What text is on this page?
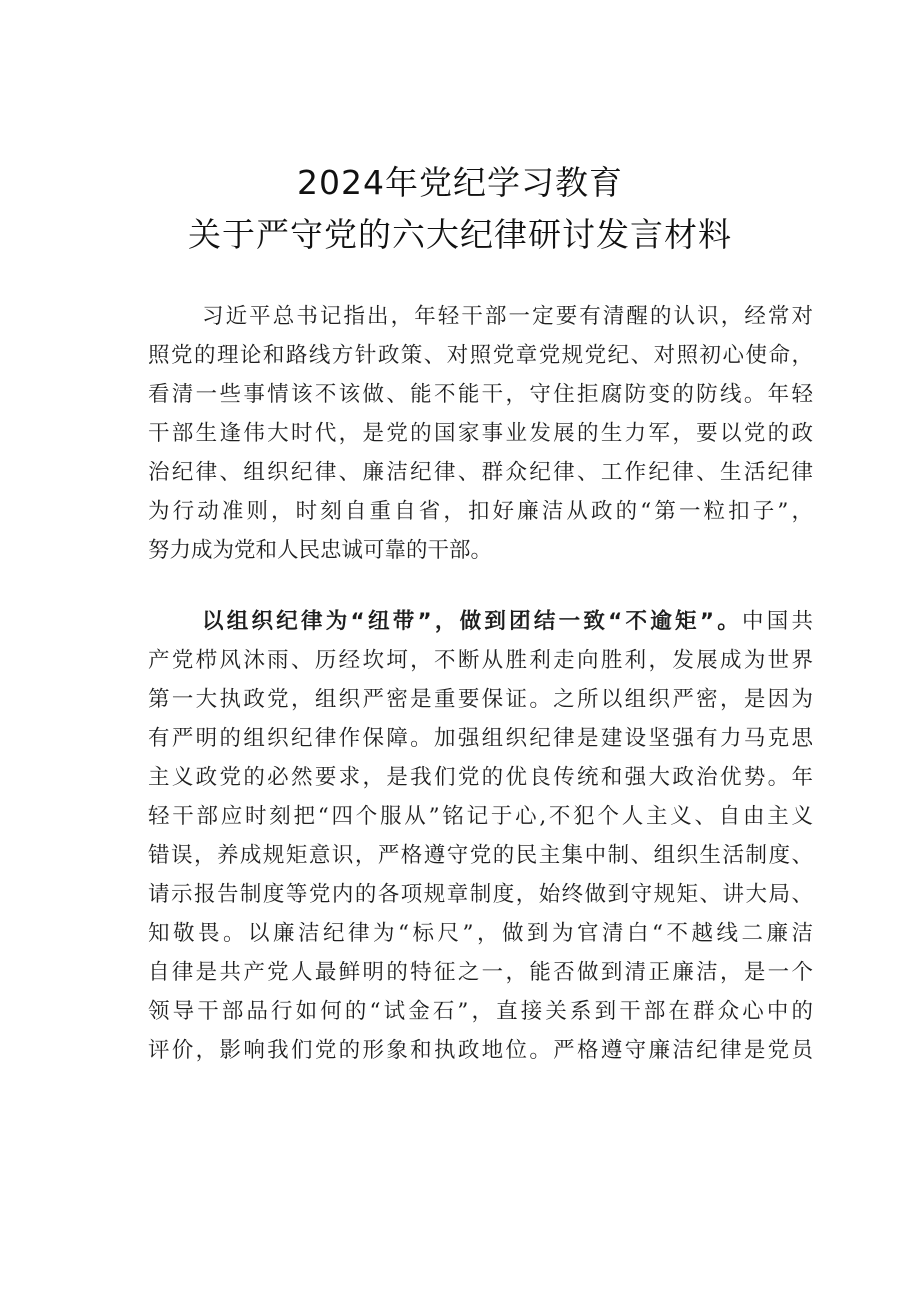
2024年党纪学习教育
关于严守党的六大纪律研讨发言材料
习近平总书记指出，年轻干部一定要有清醒的认识，经常对
照党的理论和路线方针政策、对照党章党规党纪、对照初心使命，
看清一些事情该不该做、能不能干，守住拒腐防变的防线。年轻
干部生逢伟大时代，是党的国家事业发展的生力军，要以党的政
治纪律、组织纪律、廉洁纪律、群众纪律、工作纪律、生活纪律
为行动准则，时刻自重自省，扣好廉洁从政的“第一粒扣子”，
努力成为党和人民忠诚可靠的干部。
以组织纪律为“纽带”，做到团结一致“不逾矩”。中国共
产党栉风沐雨、历经坎坷，不断从胜利走向胜利，发展成为世界
第一大执政党，组织严密是重要保证。之所以组织严密，是因为
有严明的组织纪律作保障。加强组织纪律是建设坚强有力马克思
主义政党的必然要求，是我们党的优良传统和强大政治优势。年
轻干部应时刻把“四个服从”铭记于心,不犯个人主义、自由主义
错误，养成规矩意识，严格遵守党的民主集中制、组织生活制度、
请示报告制度等党内的各项规章制度，始终做到守规矩、讲大局、
知敬畏。以廉洁纪律为“标尺”，做到为官清白“不越线二廉洁
自律是共产党人最鲜明的特征之一，能否做到清正廉洁，是一个
领导干部品行如何的“试金石”，直接关系到干部在群众心中的
评价，影响我们党的形象和执政地位。严格遵守廉洁纪律是党员
